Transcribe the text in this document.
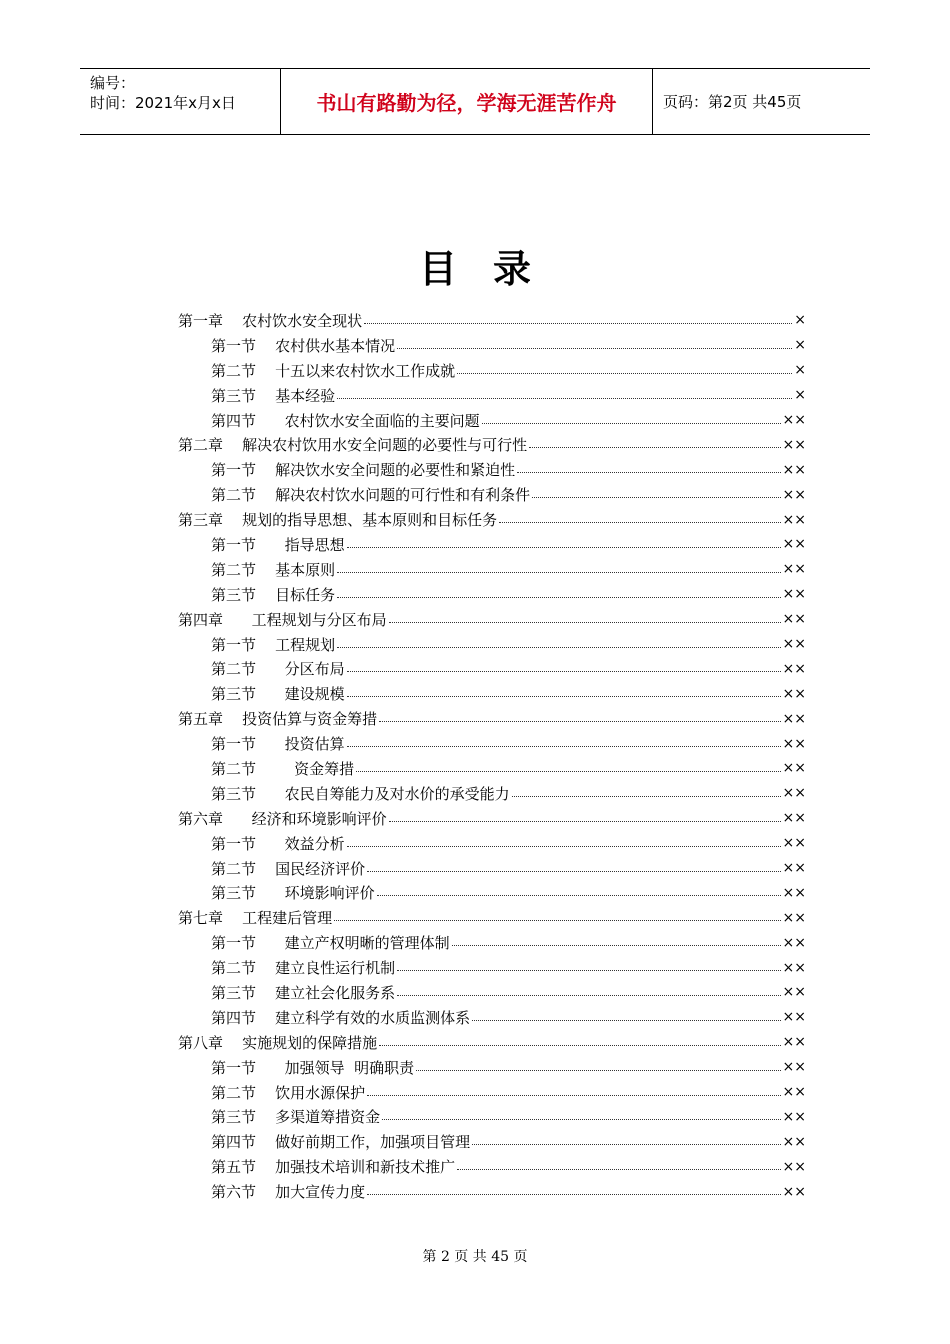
编号：
时间：2021年x月x日	书山有路勤为径，学海无涯苦作舟	页码：第2页 共45页
目录
第一章    农村饮水安全现状	×
第一节    农村供水基本情况	×
第二节    十五以来农村饮水工作成就	×
第三节    基本经验	×
第四节      农村饮水安全面临的主要问题	××
第二章    解决农村饮用水安全问题的必要性与可行性	××
第一节    解决饮水安全问题的必要性和紧迫性	××
第二节    解决农村饮水问题的可行性和有利条件	××
第三章    规划的指导思想、基本原则和目标任务	××
第一节      指导思想	××
第二节    基本原则	××
第三节    目标任务	××
第四章      工程规划与分区布局	××
第一节    工程规划	××
第二节      分区布局	××
第三节      建设规模	××
第五章    投资估算与资金筹措	××
第一节      投资估算	××
第二节        资金筹措	××
第三节      农民自筹能力及对水价的承受能力	××
第六章      经济和环境影响评价	××
第一节      效益分析	××
第二节    国民经济评价	××
第三节      环境影响评价	××
第七章    工程建后管理	××
第一节      建立产权明晰的管理体制	××
第二节    建立良性运行机制	××
第三节    建立社会化服务系	××
第四节    建立科学有效的水质监测体系	××
第八章    实施规划的保障措施	××
第一节      加强领导  明确职责	××
第二节    饮用水源保护	××
第三节    多渠道筹措资金	××
第四节    做好前期工作，加强项目管理	××
第五节    加强技术培训和新技术推广	××
第六节    加大宣传力度	××
第 2 页 共 45 页
